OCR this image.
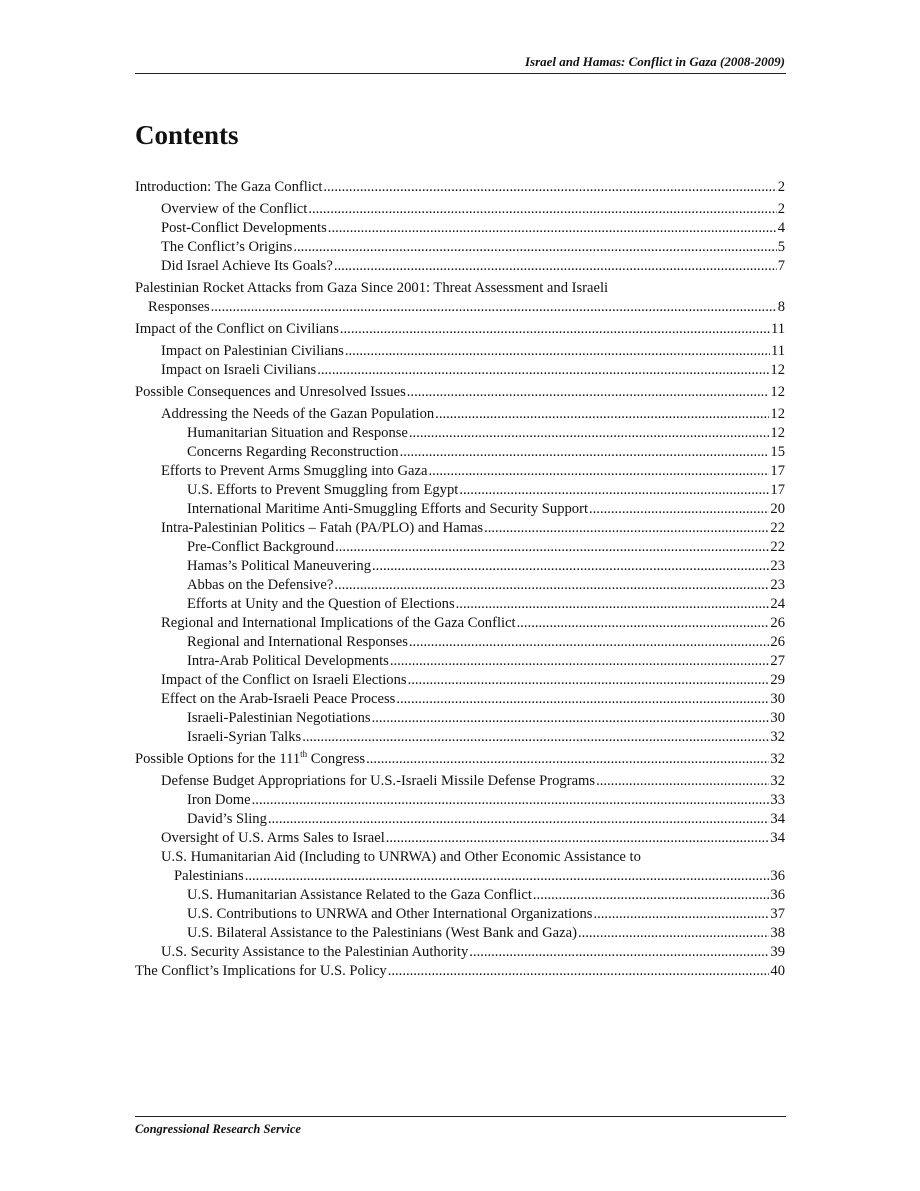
Israel and Hamas: Conflict in Gaza (2008-2009)
Contents
Introduction: The Gaza Conflict .....	2
Overview of the Conflict .....	2
Post-Conflict Developments .....	4
The Conflict’s Origins .....	5
Did Israel Achieve Its Goals? .....	7
Palestinian Rocket Attacks from Gaza Since 2001: Threat Assessment and Israeli
Responses .....	8
Impact of the Conflict on Civilians .....	11
Impact on Palestinian Civilians .....	11
Impact on Israeli Civilians .....	12
Possible Consequences and Unresolved Issues .....	12
Addressing the Needs of the Gazan Population .....	12
Humanitarian Situation and Response .....	12
Concerns Regarding Reconstruction .....	15
Efforts to Prevent Arms Smuggling into Gaza .....	17
U.S. Efforts to Prevent Smuggling from Egypt .....	17
International Maritime Anti-Smuggling Efforts and Security Support .....	20
Intra-Palestinian Politics – Fatah (PA/PLO) and Hamas .....	22
Pre-Conflict Background .....	22
Hamas’s Political Maneuvering .....	23
Abbas on the Defensive? .....	23
Efforts at Unity and the Question of Elections .....	24
Regional and International Implications of the Gaza Conflict .....	26
Regional and International Responses .....	26
Intra-Arab Political Developments .....	27
Impact of the Conflict on Israeli Elections .....	29
Effect on the Arab-Israeli Peace Process .....	30
Israeli-Palestinian Negotiations .....	30
Israeli-Syrian Talks .....	32
Possible Options for the 111th Congress .....	32
Defense Budget Appropriations for U.S.-Israeli Missile Defense Programs .....	32
Iron Dome .....	33
David’s Sling .....	34
Oversight of U.S. Arms Sales to Israel .....	34
U.S. Humanitarian Aid (Including to UNRWA) and Other Economic Assistance to
Palestinians .....	36
U.S. Humanitarian Assistance Related to the Gaza Conflict .....	36
U.S. Contributions to UNRWA and Other International Organizations .....	37
U.S. Bilateral Assistance to the Palestinians (West Bank and Gaza) .....	38
U.S. Security Assistance to the Palestinian Authority .....	39
The Conflict’s Implications for U.S. Policy .....	40
Congressional Research Service
